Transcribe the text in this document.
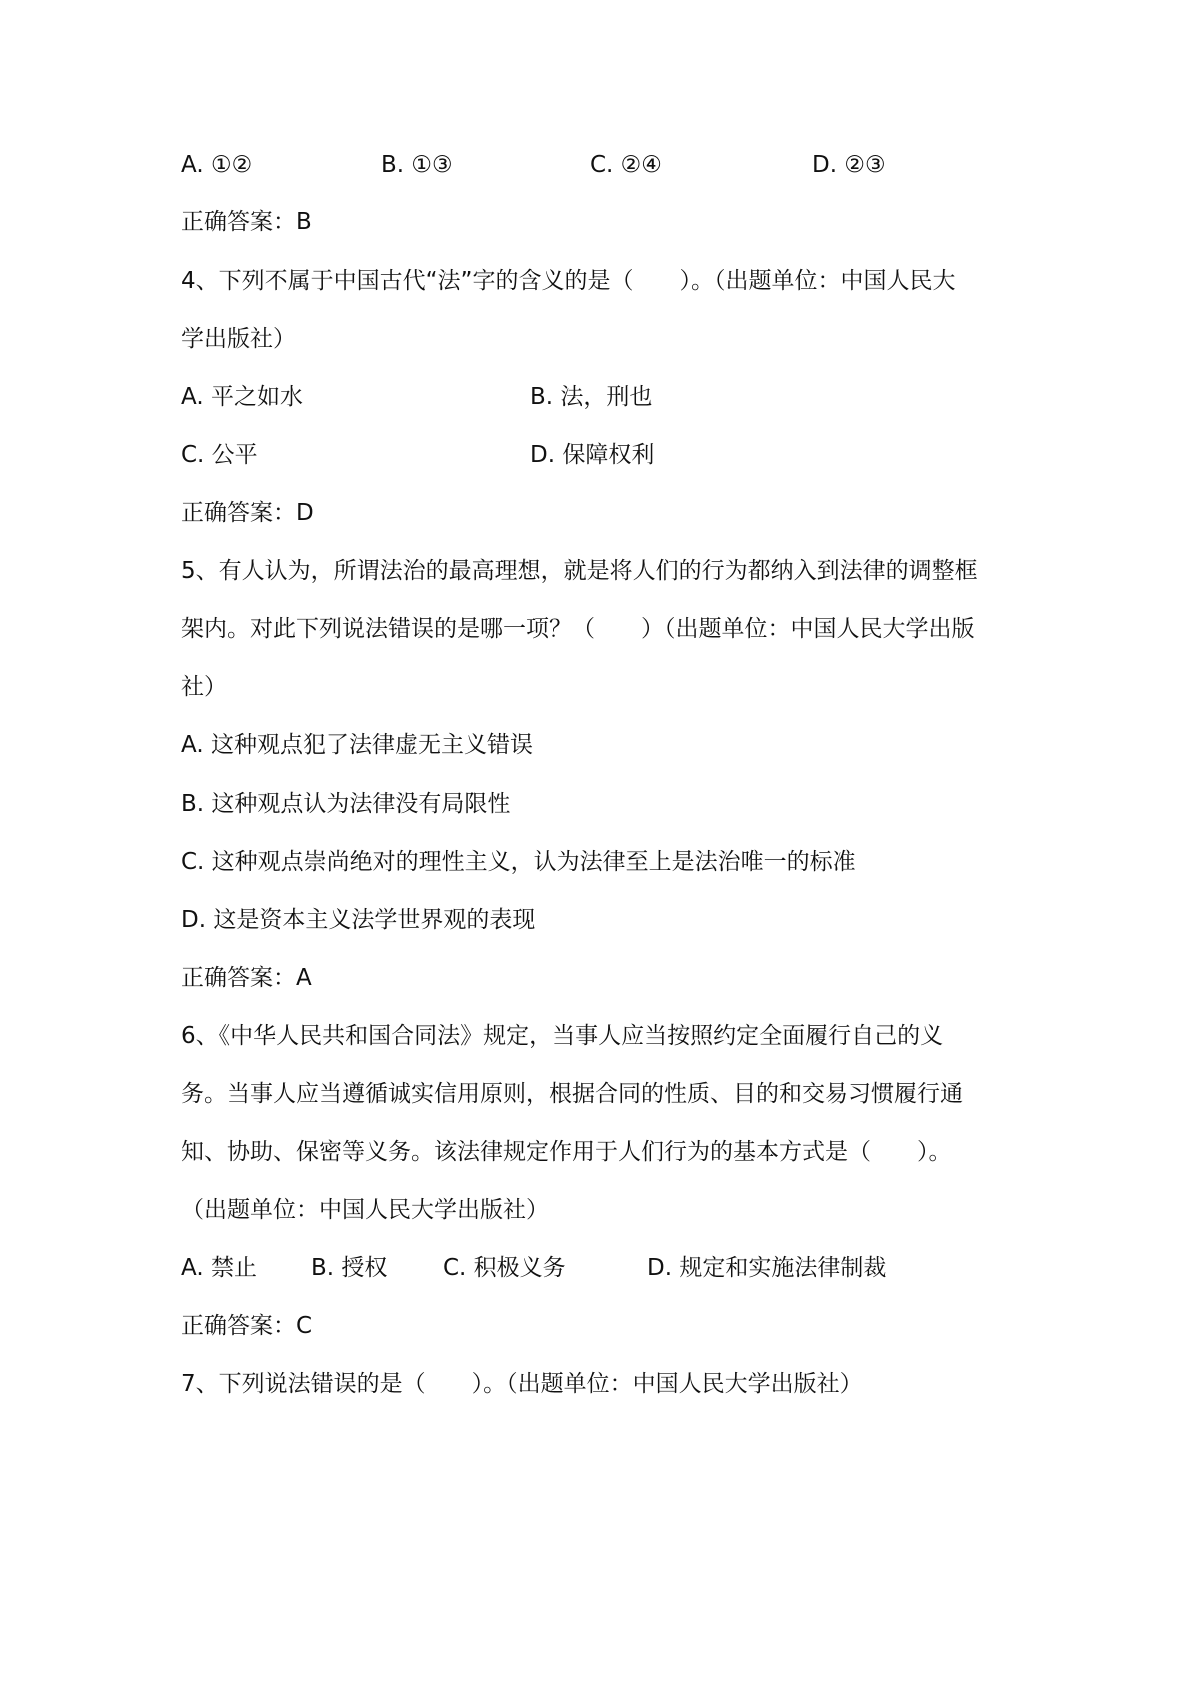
A. ①②	B. ①③	C. ②④	D. ②③
正确答案：B
4、下列不属于中国古代“法”字的含义的是（　　）。（出题单位：中国人民大
学出版社）
A. 平之如水	B. 法，刑也
C. 公平	D. 保障权利
正确答案：D
5、有人认为，所谓法治的最高理想，就是将人们的行为都纳入到法律的调整框
架内。对此下列说法错误的是哪一项？（　　）（出题单位：中国人民大学出版
社）
A. 这种观点犯了法律虚无主义错误
B. 这种观点认为法律没有局限性
C. 这种观点崇尚绝对的理性主义，认为法律至上是法治唯一的标准
D. 这是资本主义法学世界观的表现
正确答案：A
6、《中华人民共和国合同法》规定，当事人应当按照约定全面履行自己的义
务。当事人应当遵循诚实信用原则，根据合同的性质、目的和交易习惯履行通
知、协助、保密等义务。该法律规定作用于人们行为的基本方式是（　　）。
（出题单位：中国人民大学出版社）
A. 禁止 B. 授权 C. 积极义务	D. 规定和实施法律制裁
正确答案：C
7、下列说法错误的是（　　）。（出题单位：中国人民大学出版社）
